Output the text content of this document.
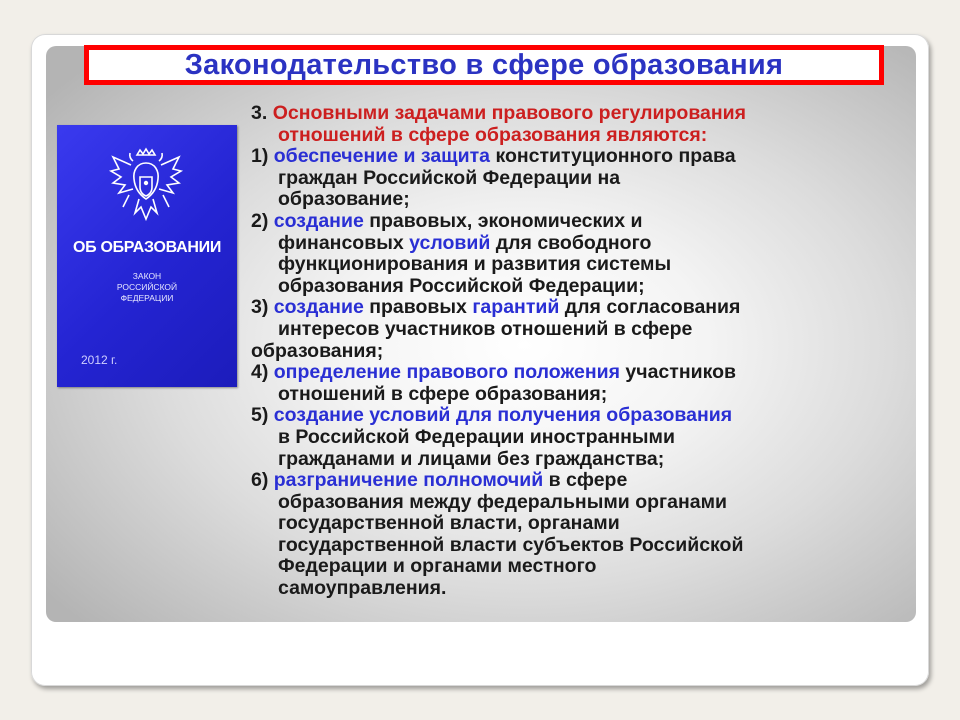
Законодательство в сфере образования
ОБ ОБРАЗОВАНИИ
ЗАКОН
РОССИЙСКОЙ
ФЕДЕРАЦИИ
2012 г.

3. Основными задачами правового регулирования

отношений в сфере образования являются:

1) обеспечение и защита конституционного права

граждан Российской Федерации на

образование;

2) создание правовых, экономических и

финансовых условий для свободного

функционирования и развития системы

образования Российской Федерации;

3) создание правовых гарантий для согласования

интересов участников отношений в сфере

образования;

4) определение правового положения участников

отношений в сфере образования;

5) создание условий для получения образования

в Российской Федерации иностранными

гражданами и лицами без гражданства;

6) разграничение полномочий в сфере

образования между федеральными органами

государственной власти, органами

государственной власти субъектов Российской

Федерации и органами местного

самоуправления.
